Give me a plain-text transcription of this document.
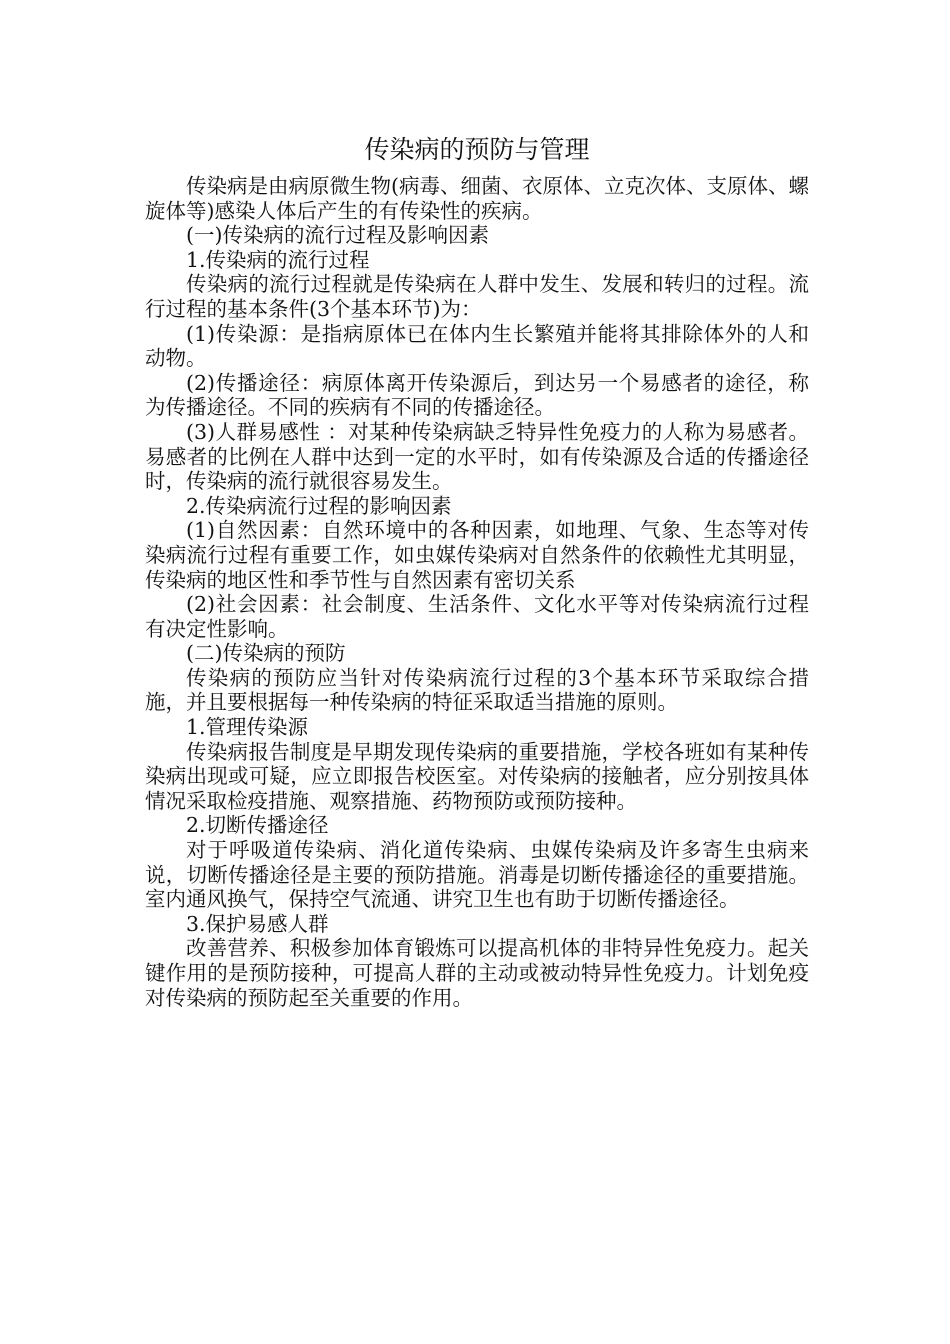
传染病的预防与管理

传染病是由病原微生物(病毒、细菌、衣原体、立克次体、支原体、螺旋体等)感染人体后产生的有传染性的疾病。

(一)传染病的流行过程及影响因素

1.传染病的流行过程

传染病的流行过程就是传染病在人群中发生、发展和转归的过程。流行过程的基本条件(3个基本环节)为：

(1)传染源：是指病原体已在体内生长繁殖并能将其排除体外的人和动物。

(2)传播途径：病原体离开传染源后，到达另一个易感者的途径，称为传播途径。不同的疾病有不同的传播途径。

(3)人群易感性 ：对某种传染病缺乏特异性免疫力的人称为易感者。易感者的比例在人群中达到一定的水平时，如有传染源及合适的传播途径时，传染病的流行就很容易发生。

2.传染病流行过程的影响因素

(1)自然因素：自然环境中的各种因素，如地理、气象、生态等对传染病流行过程有重要工作，如虫媒传染病对自然条件的依赖性尤其明显，传染病的地区性和季节性与自然因素有密切关系

(2)社会因素：社会制度、生活条件、文化水平等对传染病流行过程有决定性影响。

(二)传染病的预防

传染病的预防应当针对传染病流行过程的3个基本环节采取综合措施，并且要根据每一种传染病的特征采取适当措施的原则。

1.管理传染源

传染病报告制度是早期发现传染病的重要措施，学校各班如有某种传染病出现或可疑，应立即报告校医室。对传染病的接触者，应分别按具体情况采取检疫措施、观察措施、药物预防或预防接种。

2.切断传播途径

对于呼吸道传染病、消化道传染病、虫媒传染病及许多寄生虫病来说，切断传播途径是主要的预防措施。消毒是切断传播途径的重要措施。室内通风换气，保持空气流通、讲究卫生也有助于切断传播途径。

3.保护易感人群

改善营养、积极参加体育锻炼可以提高机体的非特异性免疫力。起关键作用的是预防接种，可提高人群的主动或被动特异性免疫力。计划免疫对传染病的预防起至关重要的作用。
